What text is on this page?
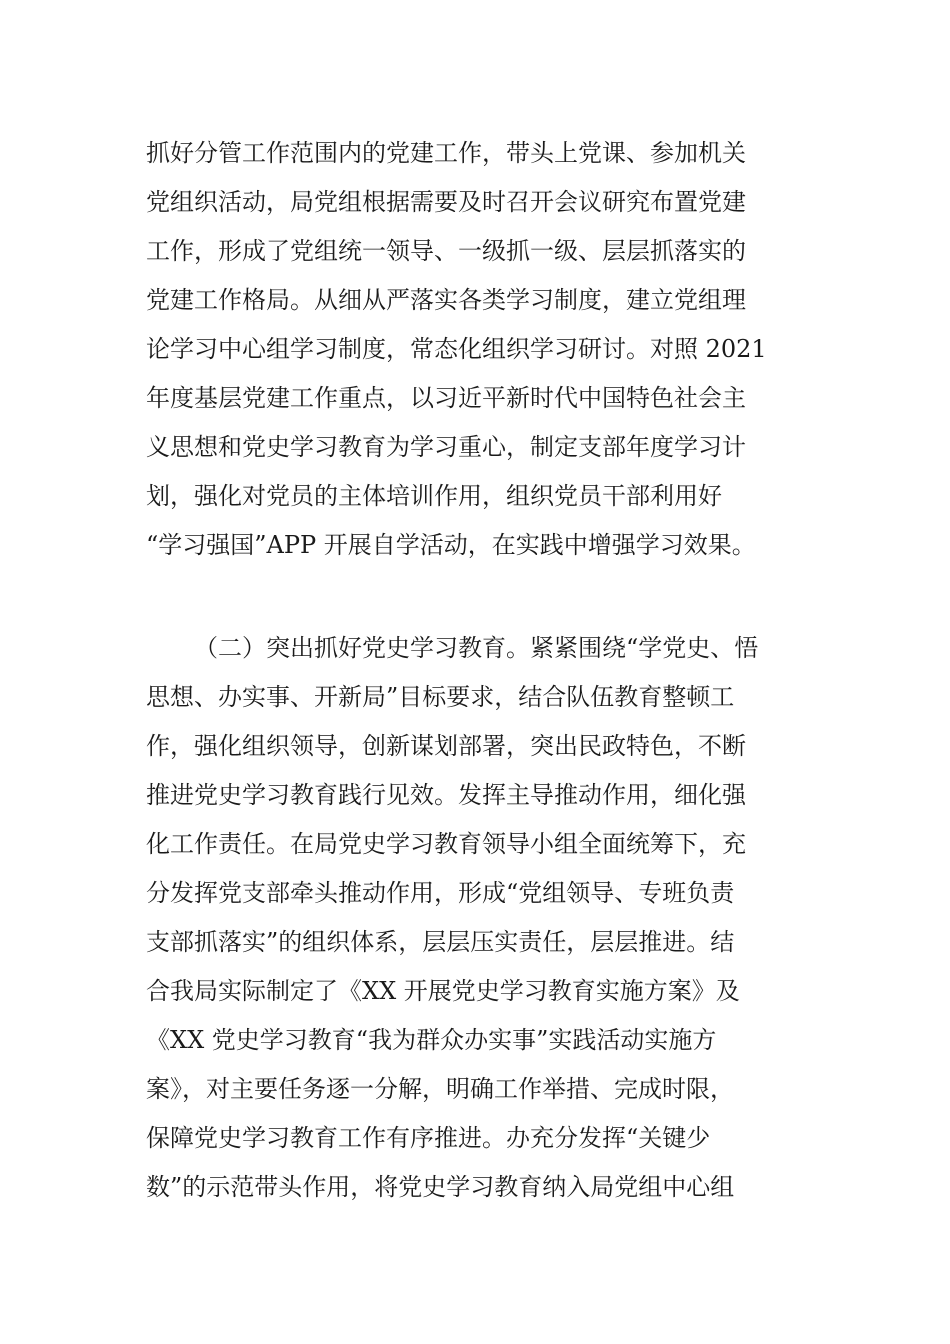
抓好分管工作范围内的党建工作，带头上党课、参加机关
党组织活动，局党组根据需要及时召开会议研究布置党建
工作，形成了党组统一领导、一级抓一级、层层抓落实的
党建工作格局。从细从严落实各类学习制度，建立党组理
论学习中心组学习制度，常态化组织学习研讨。对照 2021
年度基层党建工作重点，以习近平新时代中国特色社会主
义思想和党史学习教育为学习重心，制定支部年度学习计
划，强化对党员的主体培训作用，组织党员干部利用好
“学习强国”APP 开展自学活动，在实践中增强学习效果。
（二）突出抓好党史学习教育。紧紧围绕“学党史、悟
思想、办实事、开新局”目标要求，结合队伍教育整顿工
作，强化组织领导，创新谋划部署，突出民政特色，不断
推进党史学习教育践行见效。发挥主导推动作用，细化强
化工作责任。在局党史学习教育领导小组全面统筹下，充
分发挥党支部牵头推动作用，形成“党组领导、专班负责
支部抓落实”的组织体系，层层压实责任，层层推进。结
合我局实际制定了《XX 开展党史学习教育实施方案》及
《XX 党史学习教育“我为群众办实事”实践活动实施方
案》，对主要任务逐一分解，明确工作举措、完成时限，
保障党史学习教育工作有序推进。办充分发挥“关键少
数”的示范带头作用，将党史学习教育纳入局党组中心组
